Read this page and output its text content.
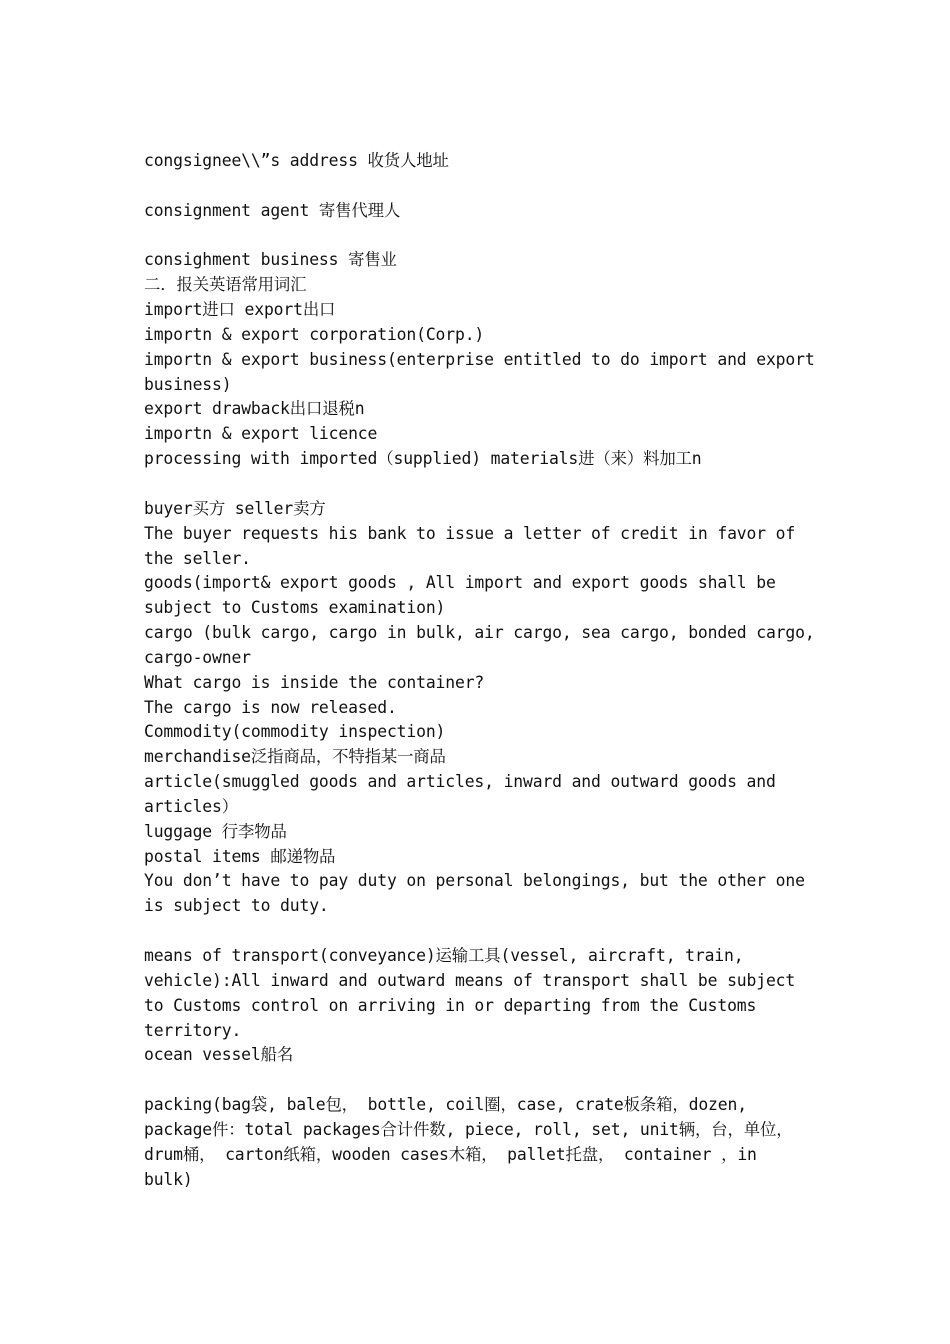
congsignee\\”s address 收货人地址
consignment agent 寄售代理人
consighment business 寄售业
二．报关英语常用词汇
import进口 export出口
importn & export corporation(Corp.)
importn & export business(enterprise entitled to do import and export
business)
export drawback出口退税n
importn & export licence
processing with imported（supplied) materials进（来）料加工n
buyer买方 seller卖方
The buyer requests his bank to issue a letter of credit in favor of
the seller.
goods(import& export goods , All import and export goods shall be
subject to Customs examination)
cargo (bulk cargo, cargo in bulk, air cargo, sea cargo, bonded cargo,
cargo-owner
What cargo is inside the container?
The cargo is now released.
Commodity(commodity inspection)
merchandise泛指商品，不特指某一商品
article(smuggled goods and articles, inward and outward goods and
articles）
luggage 行李物品
postal items 邮递物品
You don’t have to pay duty on personal belongings, but the other one
is subject to duty.
means of transport(conveyance)运输工具(vessel, aircraft, train,
vehicle):All inward and outward means of transport shall be subject
to Customs control on arriving in or departing from the Customs
territory.
ocean vessel船名
packing(bag袋, bale包， bottle, coil圈，case, crate板条箱，dozen,
package件：total packages合计件数, piece, roll, set, unit辆，台，单位，
drum桶， carton纸箱，wooden cases木箱， pallet托盘， container ，in
bulk)
